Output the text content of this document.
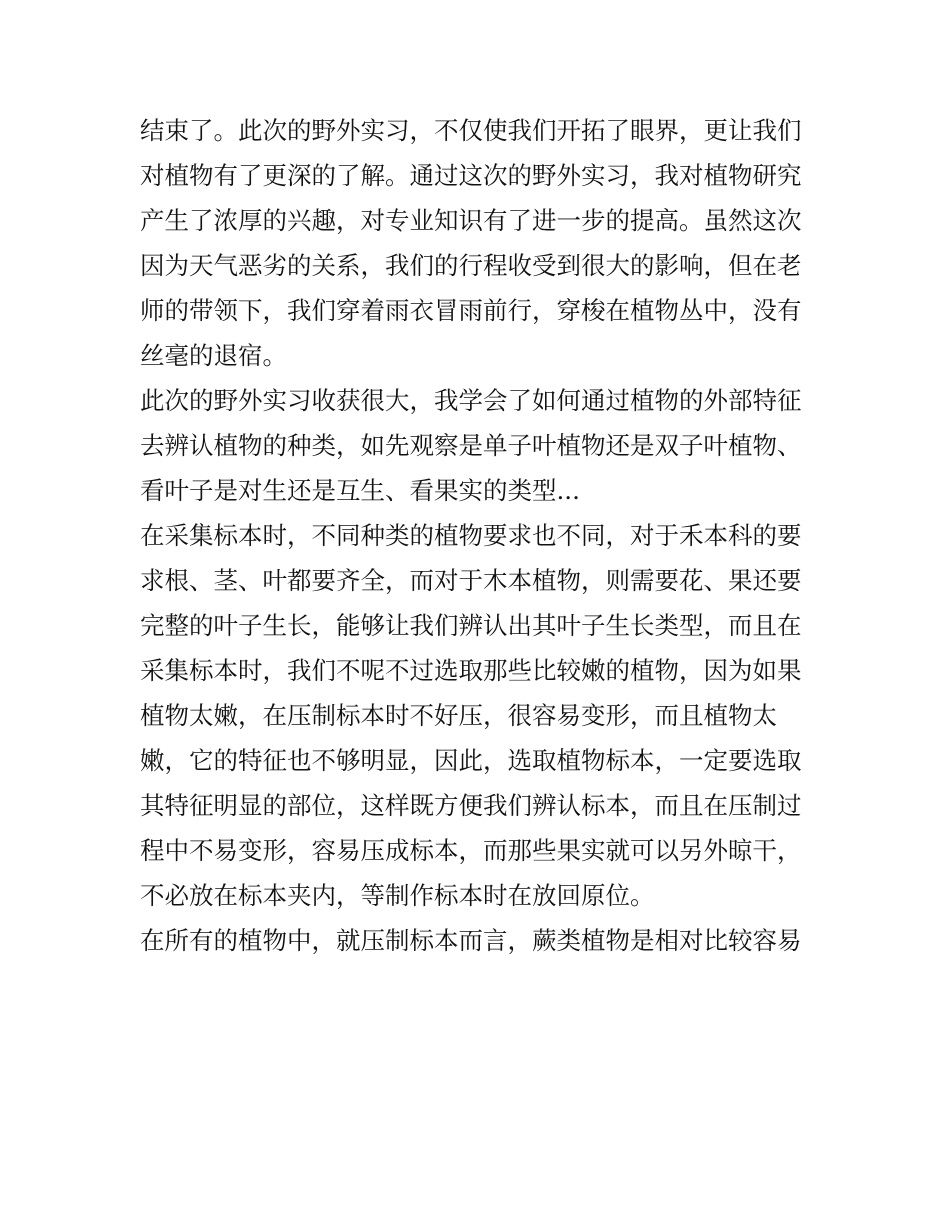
结束了。此次的野外实习，不仅使我们开拓了眼界，更让我们
对植物有了更深的了解。通过这次的野外实习，我对植物研究
产生了浓厚的兴趣，对专业知识有了进一步的提高。虽然这次
因为天气恶劣的关系，我们的行程收受到很大的影响，但在老
师的带领下，我们穿着雨衣冒雨前行，穿梭在植物丛中，没有
丝毫的退宿。
此次的野外实习收获很大，我学会了如何通过植物的外部特征
去辨认植物的种类，如先观察是单子叶植物还是双子叶植物、
看叶子是对生还是互生、看果实的类型...
在采集标本时，不同种类的植物要求也不同，对于禾本科的要
求根、茎、叶都要齐全，而对于木本植物，则需要花、果还要
完整的叶子生长，能够让我们辨认出其叶子生长类型，而且在
采集标本时，我们不呢不过选取那些比较嫩的植物，因为如果
植物太嫩，在压制标本时不好压，很容易变形，而且植物太
嫩，它的特征也不够明显，因此，选取植物标本，一定要选取
其特征明显的部位，这样既方便我们辨认标本，而且在压制过
程中不易变形，容易压成标本，而那些果实就可以另外晾干，
不必放在标本夹内，等制作标本时在放回原位。
在所有的植物中，就压制标本而言，蕨类植物是相对比较容易
